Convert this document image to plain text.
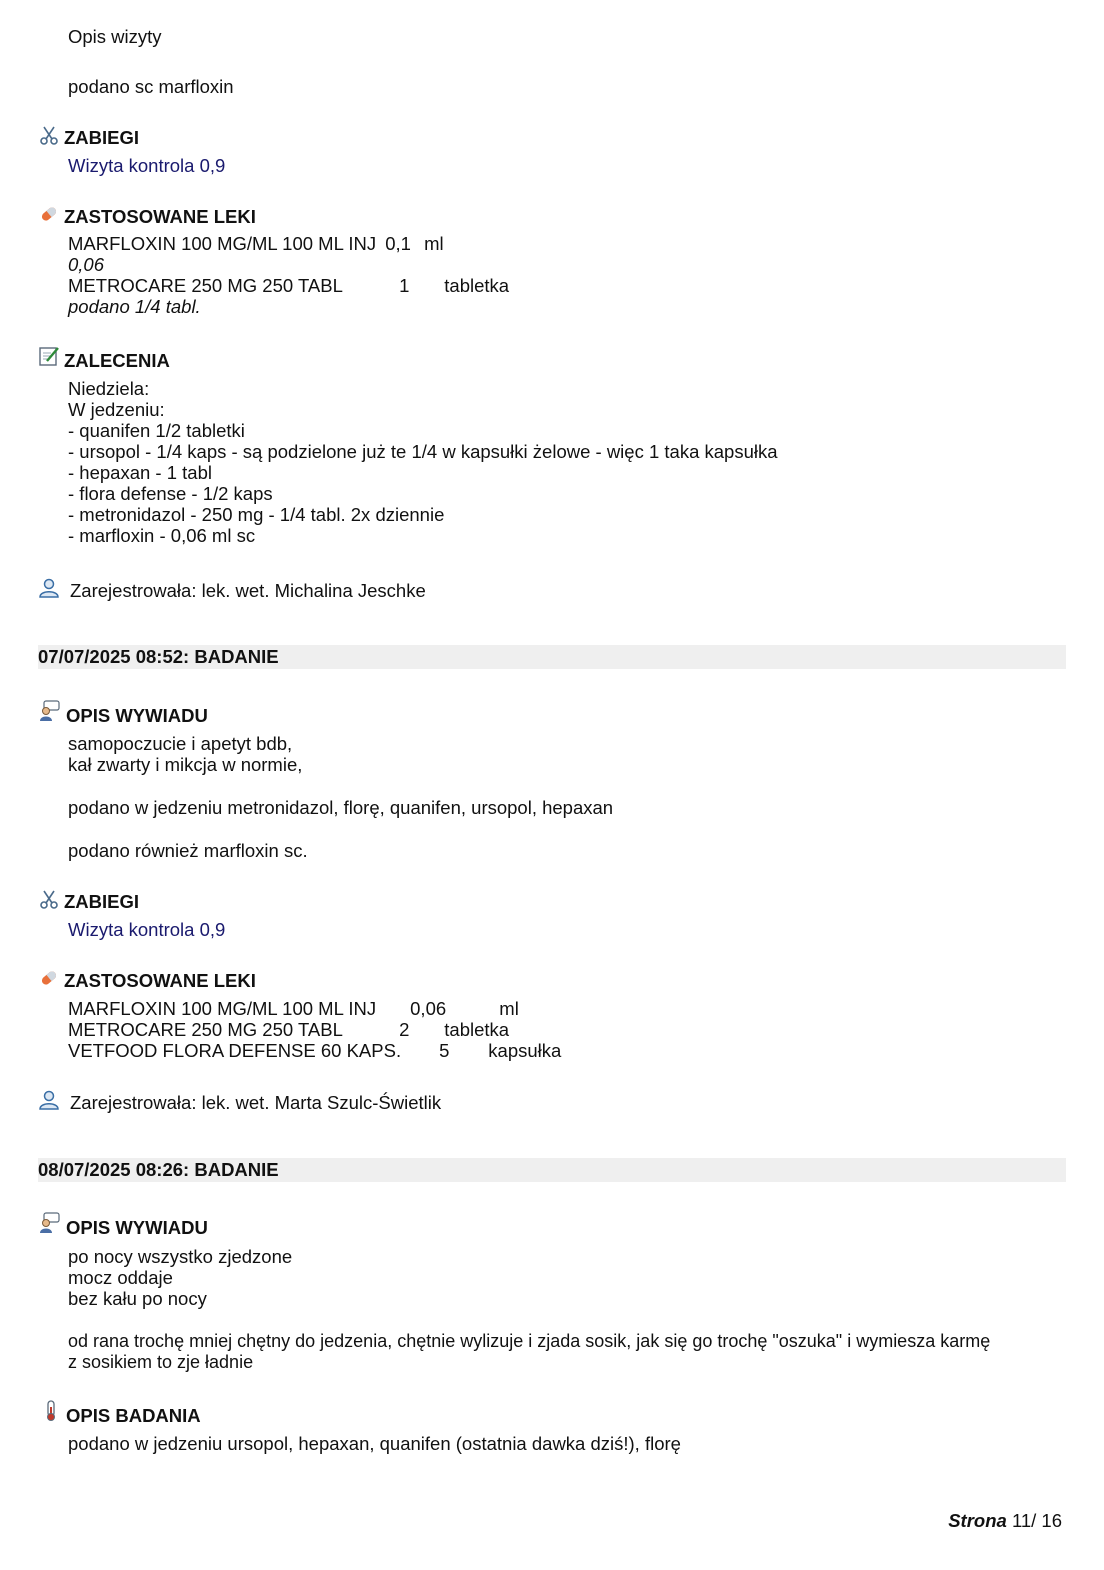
Opis wizyty
podano sc marfloxin
ZABIEGI
Wizyta kontrola 0,9
ZASTOSOWANE LEKI
MARFLOXIN 100 MG/ML 100 ML INJ 0,1 ml
0,06
METROCARE 250 MG 250 TABL	1 tabletka
podano 1/4 tabl.
ZALECENIA
Niedziela:
W jedzeniu:
- quanifen 1/2 tabletki
- ursopol - 1/4 kaps - są podzielone już te 1/4 w kapsułki żelowe - więc 1 taka kapsułka
- hepaxan - 1 tabl
- flora defense - 1/2 kaps
- metronidazol - 250 mg - 1/4 tabl. 2x dziennie
- marfloxin - 0,06 ml sc
Zarejestrowała: lek. wet. Michalina Jeschke
07/07/2025 08:52: BADANIE
OPIS WYWIADU
samopoczucie i apetyt bdb,
kał zwarty i mikcja w normie,
podano w jedzeniu metronidazol, florę, quanifen, ursopol, hepaxan
podano również marfloxin sc.
ZABIEGI
Wizyta kontrola 0,9
ZASTOSOWANE LEKI
MARFLOXIN 100 MG/ML 100 ML INJ 0,06	ml
METROCARE 250 MG 250 TABL	2 tabletka
VETFOOD FLORA DEFENSE 60 KAPS. 5 kapsułka
Zarejestrowała: lek. wet. Marta Szulc-Świetlik
08/07/2025 08:26: BADANIE
OPIS WYWIADU
po nocy wszystko zjedzone
mocz oddaje
bez kału po nocy
od rana trochę mniej chętny do jedzenia, chętnie wylizuje i zjada sosik, jak się go trochę "oszuka" i wymiesza karmę
z sosikiem to zje ładnie
OPIS BADANIA
podano w jedzeniu ursopol, hepaxan, quanifen (ostatnia dawka dziś!), florę
Strona 11/ 16
